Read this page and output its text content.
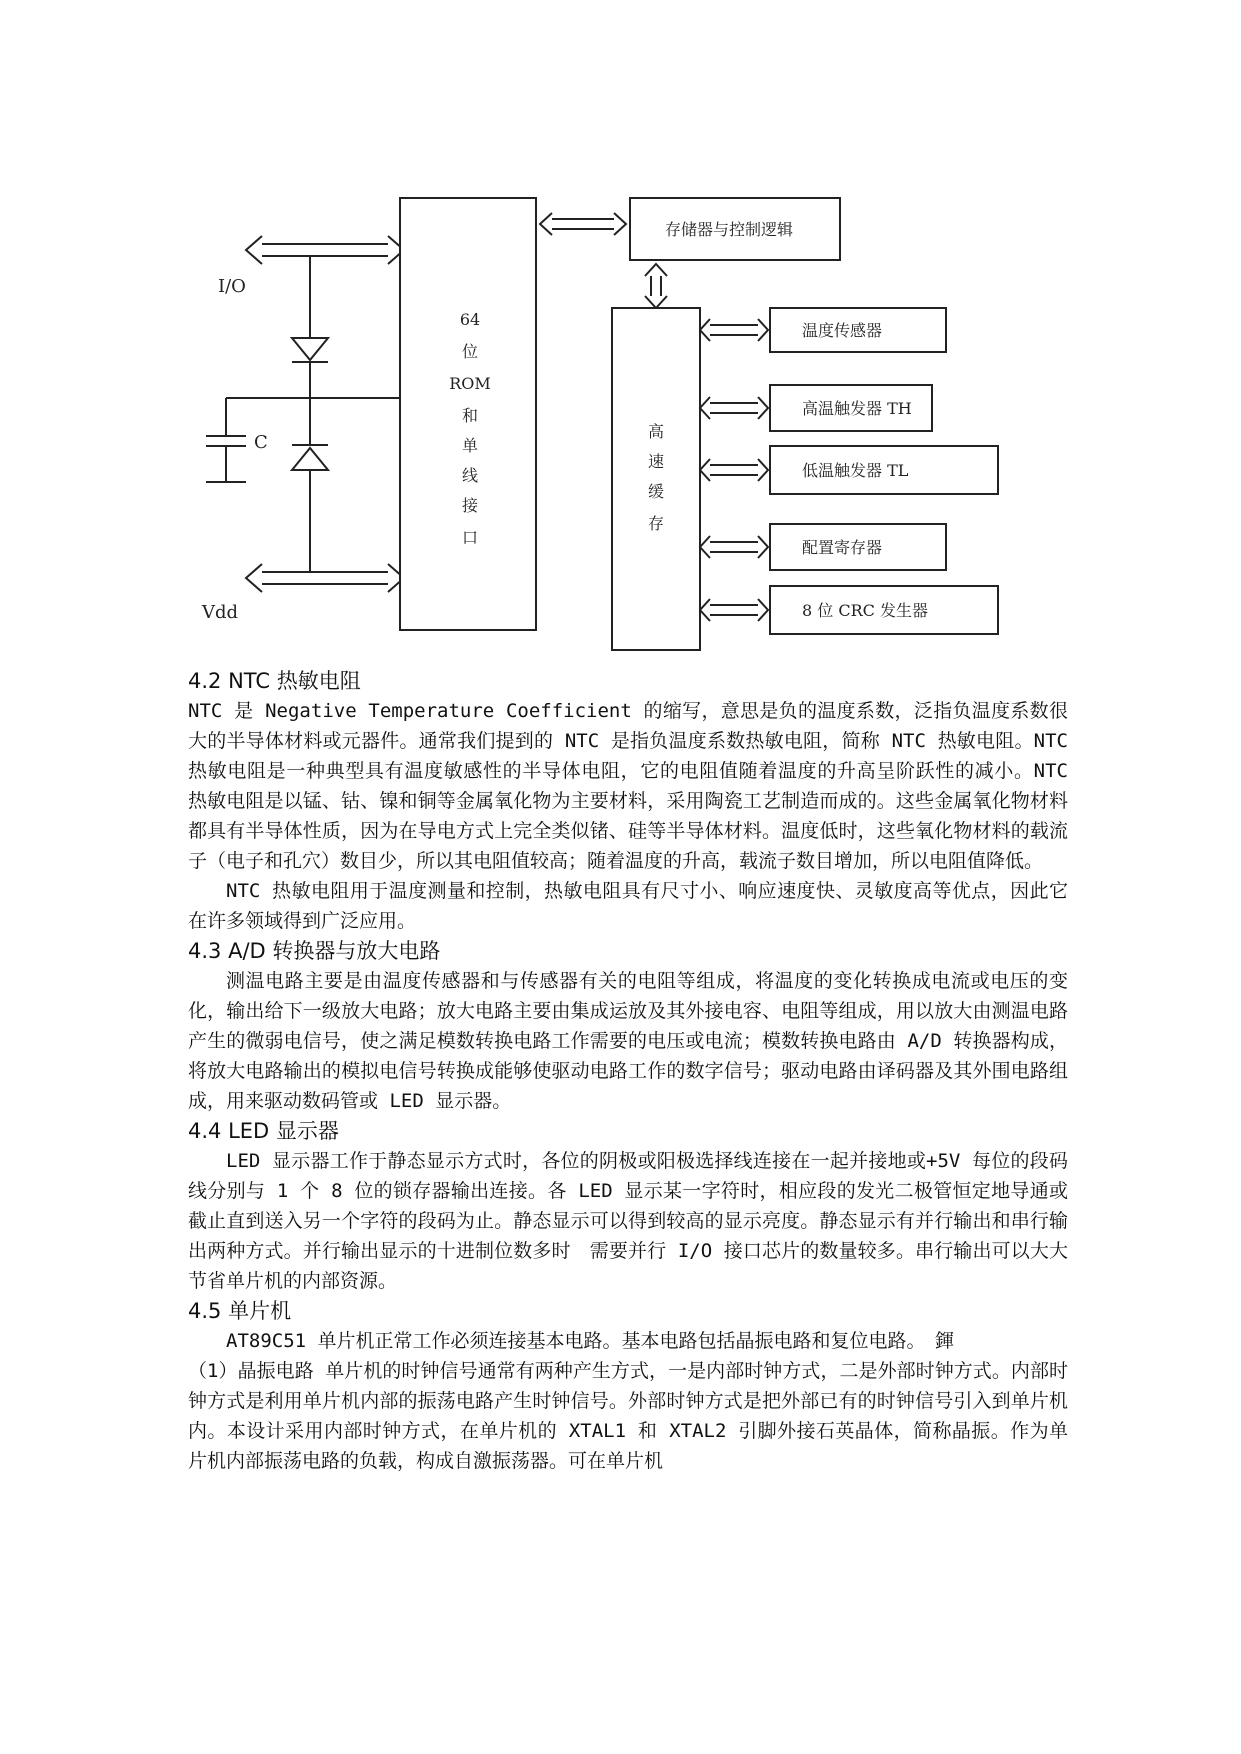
I/O
C
Vdd
64
位
ROM
和
单
线
接
口
高
速
缓
存
存储器与控制逻辑
温度传感器
高温触发器 TH
低温触发器 TL
配置寄存器
8 位 CRC 发生器
4.2 NTC 热敏电阻

NTC 是 Negative Temperature Coefficient 的缩写，意思是负的温度系数，泛指负温度系数很大的半导体材料或元器件。通常我们提到的 NTC 是指负温度系数热敏电阻，简称 NTC 热敏电阻。NTC 热敏电阻是一种典型具有温度敏感性的半导体电阻，它的电阻值随着温度的升高呈阶跃性的减小。NTC 热敏电阻是以锰、钴、镍和铜等金属氧化物为主要材料，采用陶瓷工艺制造而成的。这些金属氧化物材料都具有半导体性质，因为在导电方式上完全类似锗、硅等半导体材料。温度低时，这些氧化物材料的载流子（电子和孔穴）数目少，所以其电阻值较高；随着温度的升高，载流子数目增加，所以电阻值降低。

NTC 热敏电阻用于温度测量和控制，热敏电阻具有尺寸小、响应速度快、灵敏度高等优点，因此它在许多领域得到广泛应用。

4.3 A/D 转换器与放大电路

测温电路主要是由温度传感器和与传感器有关的电阻等组成，将温度的变化转换成电流或电压的变化，输出给下一级放大电路；放大电路主要由集成运放及其外接电容、电阻等组成，用以放大由测温电路产生的微弱电信号，使之满足模数转换电路工作需要的电压或电流；模数转换电路由 A/D 转换器构成，将放大电路输出的模拟电信号转换成能够使驱动电路工作的数字信号；驱动电路由译码器及其外围电路组成，用来驱动数码管或 LED 显示器。

4.4 LED 显示器

LED 显示器工作于静态显示方式时，各位的阴极或阳极选择线连接在一起并接地或+5V 每位的段码线分别与 1 个 8 位的锁存器输出连接。各 LED 显示某一字符时，相应段的发光二极管恒定地导通或截止直到送入另一个字符的段码为止。静态显示可以得到较高的显示亮度。静态显示有并行输出和串行输出两种方式。并行输出显示的十进制位数多时　需要并行 I/O 接口芯片的数量较多。串行输出可以大大节省单片机的内部资源。

4.5 单片机

AT89C51 单片机正常工作必须连接基本电路。基本电路包括晶振电路和复位电路。　鍕

（1）晶振电路 单片机的时钟信号通常有两种产生方式，一是内部时钟方式，二是外部时钟方式。内部时钟方式是利用单片机内部的振荡电路产生时钟信号。外部时钟方式是把外部已有的时钟信号引入到单片机内。本设计采用内部时钟方式，在单片机的 XTAL1 和 XTAL2 引脚外接石英晶体，简称晶振。作为单片机内部振荡电路的负载，构成自激振荡器。可在单片机
